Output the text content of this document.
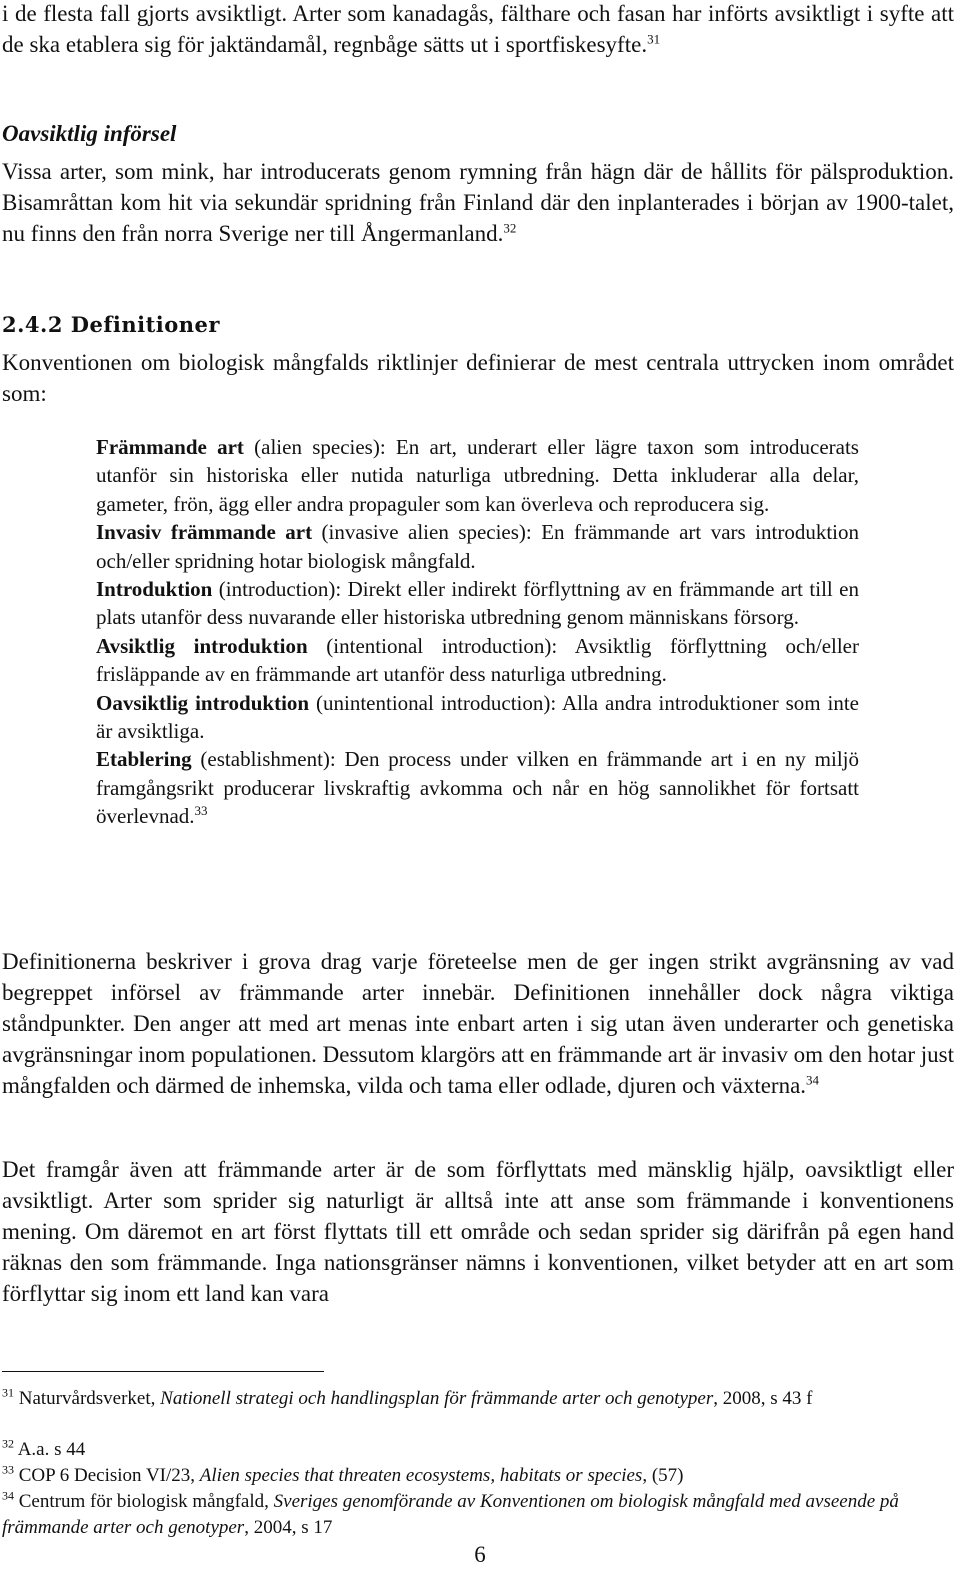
i de flesta fall gjorts avsiktligt. Arter som kanadagås, fälthare och fasan har införts avsiktligt i syfte att de ska etablera sig för jaktändamål, regnbåge sätts ut i sportfiskesyfte.$^{31}$

Oavsiktlig införsel

Vissa arter, som mink, har introducerats genom rymning från hägn där de hållits för pälsproduktion. Bisamråttan kom hit via sekundär spridning från Finland där den inplanterades i början av 1900-talet, nu finns den från norra Sverige ner till Ångermanland.$^{32}$

2.4.2 Definitioner

Konventionen om biologisk mångfalds riktlinjer definierar de mest centrala uttrycken inom området som:

Främmande art (alien species): En art, underart eller lägre taxon som introducerats utanför sin historiska eller nutida naturliga utbredning. Detta inkluderar alla delar, gameter, frön, ägg eller andra propaguler som kan överleva och reproducera sig.

Invasiv främmande art (invasive alien species): En främmande art vars introduktion och/eller spridning hotar biologisk mångfald.

Introduktion (introduction): Direkt eller indirekt förflyttning av en främmande art till en plats utanför dess nuvarande eller historiska utbredning genom människans försorg.

Avsiktlig introduktion (intentional introduction): Avsiktlig förflyttning och/eller frisläppande av en främmande art utanför dess naturliga utbredning.

Oavsiktlig introduktion (unintentional introduction): Alla andra introduktioner som inte är avsiktliga.

Etablering (establishment): Den process under vilken en främmande art i en ny miljö framgångsrikt producerar livskraftig avkomma och når en hög sannolikhet för fortsatt överlevnad.$^{33}$

Definitionerna beskriver i grova drag varje företeelse men de ger ingen strikt avgränsning av vad begreppet införsel av främmande arter innebär. Definitionen innehåller dock några viktiga ståndpunkter. Den anger att med art menas inte enbart arten i sig utan även underarter och genetiska avgränsningar inom populationen. Dessutom klargörs att en främmande art är invasiv om den hotar just mångfalden och därmed de inhemska, vilda och tama eller odlade, djuren och växterna.$^{34}$

Det framgår även att främmande arter är de som förflyttats med mänsklig hjälp, oavsiktligt eller avsiktligt. Arter som sprider sig naturligt är alltså inte att anse som främmande i konventionens mening. Om däremot en art först flyttats till ett område och sedan sprider sig därifrån på egen hand räknas den som främmande. Inga nationsgränser nämns i konventionen, vilket betyder att en art som förflyttar sig inom ett land kan vara

$^{31}$ Naturvårdsverket, Nationell strategi och handlingsplan för främmande arter och genotyper, 2008, s 43 f

$^{32}$ A.a. s 44

$^{33}$ COP 6 Decision VI/23, Alien species that threaten ecosystems, habitats or species, (57)

$^{34}$ Centrum för biologisk mångfald, Sveriges genomförande av Konventionen om biologisk mångfald med avseende på främmande arter och genotyper, 2004, s 17

6
